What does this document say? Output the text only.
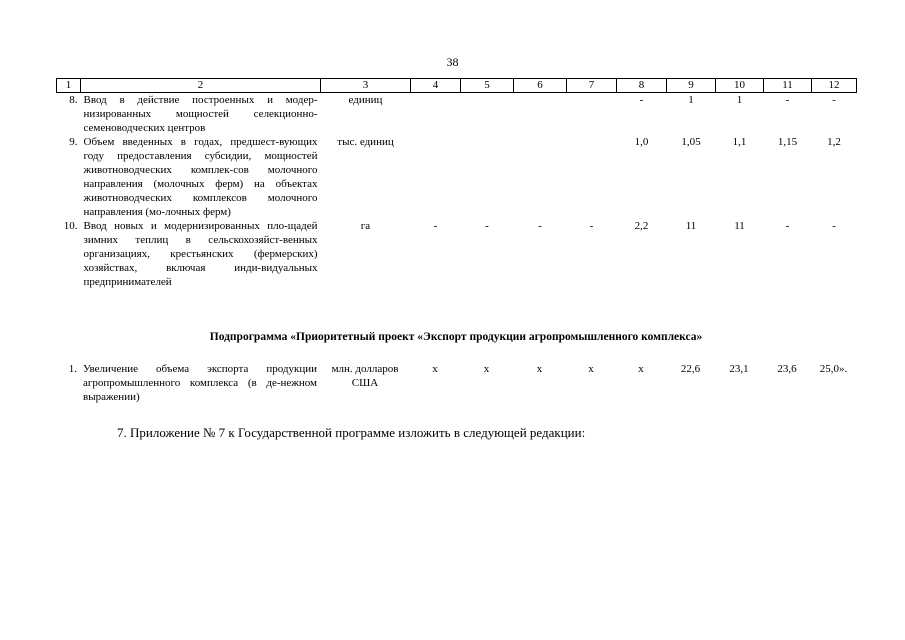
38
1	2	3	4	5	6	7	8	9	10	11	12
8.	Ввод в действие построенных и модер-низированных мощностей селекционно-семеноводческих центров	единиц					-	1	1	-	-
9.	Объем введенных в годах, предшест-вующих году предоставления субсидии, мощностей животноводческих комплек-сов молочного направления (молочных ферм) на объектах животноводческих комплексов молочного направления (мо-лочных ферм)	тыс. единиц					1,0	1,05	1,1	1,15	1,2
10.	Ввод новых и модернизированных пло-щадей зимних теплиц в сельскохозяйст-венных организациях, крестьянских (фермерских) хозяйствах, включая инди-видуальных предпринимателей	га	-	-	-	-	2,2	11	11	-	-
Подпрограмма «Приоритетный проект «Экспорт продукции агропромышленного комплекса»
1.	Увеличение объема экспорта продукции агропромышленного комплекса (в де-нежном выражении)	млн. долларов США	х	х	х	х	х	22,6	23,1	23,6	25,0».
7. Приложение № 7 к Государственной программе изложить в следующей редакции:
